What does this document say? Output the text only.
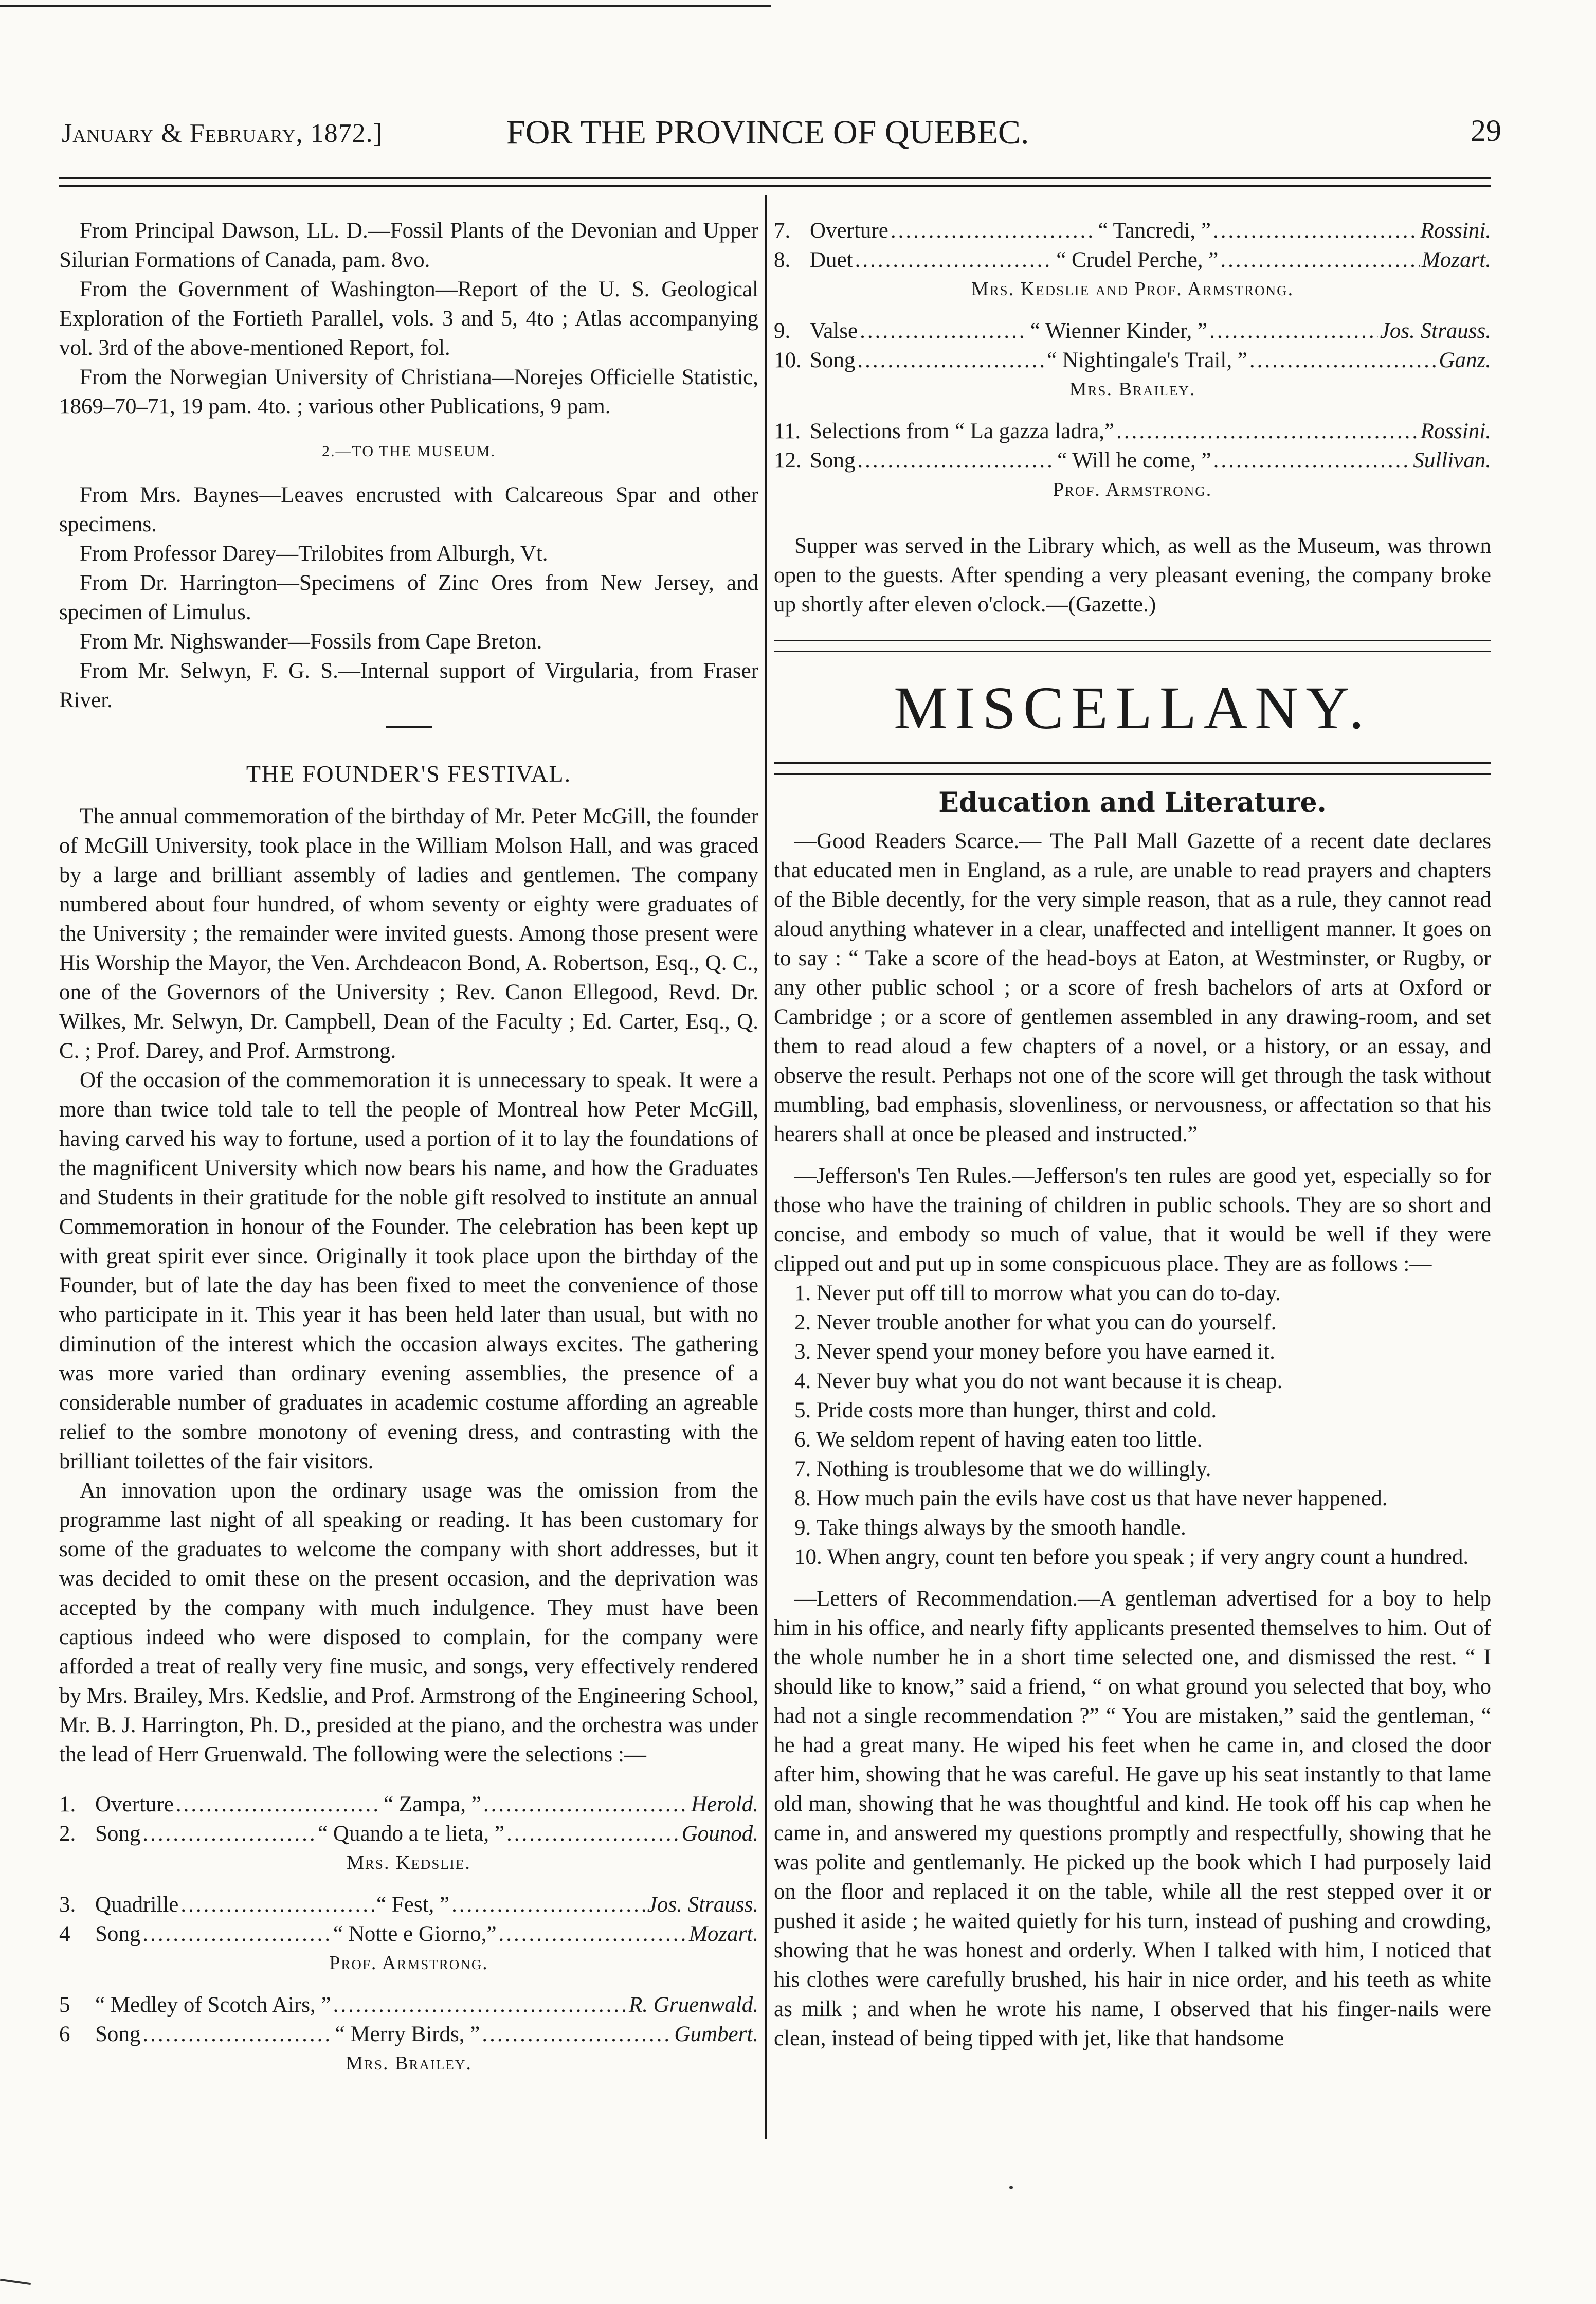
January & February, 1872.]	FOR THE PROVINCE OF QUEBEC.	29

From Principal Dawson, LL. D.—Fossil Plants of the Devonian and Upper Silurian Formations of Canada, pam. 8vo.

From the Government of Washington—Report of the U. S. Geological Exploration of the Fortieth Parallel, vols. 3 and 5, 4to ; Atlas accompanying vol. 3rd of the above-mentioned Report, fol.

From the Norwegian University of Christiana—Norejes Officielle Statistic, 1869–70–71, 19 pam. 4to. ; various other Publications, 9 pam.

2.—TO THE MUSEUM.

From Mrs. Baynes—Leaves encrusted with Calcareous Spar and other specimens.

From Professor Darey—Trilobites from Alburgh, Vt.

From Dr. Harrington—Specimens of Zinc Ores from New Jersey, and specimen of Limulus.

From Mr. Nighswander—Fossils from Cape Breton.

From Mr. Selwyn, F. G. S.—Internal support of Virgularia, from Fraser River.

THE FOUNDER'S FESTIVAL.

The annual commemoration of the birthday of Mr. Peter McGill, the founder of McGill University, took place in the William Molson Hall, and was graced by a large and brilliant assembly of ladies and gentlemen. The company numbered about four hundred, of whom seventy or eighty were graduates of the University ; the remainder were invited guests. Among those present were His Worship the Mayor, the Ven. Archdeacon Bond, A. Robertson, Esq., Q. C., one of the Governors of the University ; Rev. Canon Ellegood, Revd. Dr. Wilkes, Mr. Selwyn, Dr. Campbell, Dean of the Faculty ; Ed. Carter, Esq., Q. C. ; Prof. Darey, and Prof. Armstrong.

Of the occasion of the commemoration it is unnecessary to speak. It were a more than twice told tale to tell the people of Montreal how Peter McGill, having carved his way to fortune, used a portion of it to lay the foundations of the magnificent University which now bears his name, and how the Graduates and Students in their gratitude for the noble gift resolved to institute an annual Commemoration in honour of the Founder. The celebration has been kept up with great spirit ever since. Originally it took place upon the birthday of the Founder, but of late the day has been fixed to meet the convenience of those who participate in it. This year it has been held later than usual, but with no diminution of the interest which the occasion always excites. The gathering was more varied than ordinary evening assemblies, the presence of a considerable number of graduates in academic costume affording an agreable relief to the sombre monotony of evening dress, and contrasting with the brilliant toilettes of the fair visitors.

An innovation upon the ordinary usage was the omission from the programme last night of all speaking or reading. It has been customary for some of the graduates to welcome the company with short addresses, but it was decided to omit these on the present occasion, and the deprivation was accepted by the company with much indulgence. They must have been captious indeed who were disposed to complain, for the company were afforded a treat of really very fine music, and songs, very effectively rendered by Mrs. Brailey, Mrs. Kedslie, and Prof. Armstrong of the Engineering School, Mr. B. J. Harrington, Ph. D., presided at the piano, and the orchestra was under the lead of Herr Gruenwald. The following were the selections :—

1. Overture .....	“ Zampa, ” .....	Herold.
2. Song .....	“ Quando a te lieta, ” .....	Gounod.
Mrs. Kedslie.
3. Quadrille .....	“ Fest, ” .....	Jos. Strauss.
4	Song .....	“ Notte e Giorno,” .....	Mozart.
Prof. Armstrong.
5	“ Medley of Scotch Airs, ” .....	R. Gruenwald.
6	Song .....	“ Merry Birds, ” .....	Gumbert.
Mrs. Brailey.
7. Overture .....	“ Tancredi, ” .....	Rossini.
8. Duet .....	“ Crudel Perche, ” .....	Mozart.
Mrs. Kedslie and Prof. Armstrong.
9. Valse .....	“ Wienner Kinder, ” .....	Jos. Strauss.
10. Song .....	“ Nightingale's Trail, ” .....	Ganz.
Mrs. Brailey.
11. Selections from “ La gazza ladra,” .....	Rossini.
12. Song .....	“ Will he come, ” .....	Sullivan.
Prof. Armstrong.

Supper was served in the Library which, as well as the Museum, was thrown open to the guests. After spending a very pleasant evening, the company broke up shortly after eleven o'clock.—(Gazette.)

MISCELLANY.
Education and Literature.

—Good Readers Scarce.— The Pall Mall Gazette of a recent date declares that educated men in England, as a rule, are unable to read prayers and chapters of the Bible decently, for the very simple reason, that as a rule, they cannot read aloud anything whatever in a clear, unaffected and intelligent manner. It goes on to say : “ Take a score of the head-boys at Eaton, at Westminster, or Rugby, or any other public school ; or a score of fresh bachelors of arts at Oxford or Cambridge ; or a score of gentlemen assembled in any drawing-room, and set them to read aloud a few chapters of a novel, or a history, or an essay, and observe the result. Perhaps not one of the score will get through the task without mumbling, bad emphasis, slovenliness, or nervousness, or affectation so that his hearers shall at once be pleased and instructed.”

—Jefferson's Ten Rules.—Jefferson's ten rules are good yet, especially so for those who have the training of children in public schools. They are so short and concise, and embody so much of value, that it would be well if they were clipped out and put up in some conspicuous place. They are as follows :—

1. Never put off till to morrow what you can do to-day.
2. Never trouble another for what you can do yourself.
3. Never spend your money before you have earned it.
4. Never buy what you do not want because it is cheap.
5. Pride costs more than hunger, thirst and cold.
6. We seldom repent of having eaten too little.
7. Nothing is troublesome that we do willingly.
8. How much pain the evils have cost us that have never happened.
9. Take things always by the smooth handle.
10. When angry, count ten before you speak ; if very angry count a hundred.

—Letters of Recommendation.—A gentleman advertised for a boy to help him in his office, and nearly fifty applicants presented themselves to him. Out of the whole number he in a short time selected one, and dismissed the rest. “ I should like to know,” said a friend, “ on what ground you selected that boy, who had not a single recommendation ?” “ You are mistaken,” said the gentleman, “ he had a great many. He wiped his feet when he came in, and closed the door after him, showing that he was careful. He gave up his seat instantly to that lame old man, showing that he was thoughtful and kind. He took off his cap when he came in, and answered my questions promptly and respectfully, showing that he was polite and gentlemanly. He picked up the book which I had purposely laid on the floor and replaced it on the table, while all the rest stepped over it or pushed it aside ; he waited quietly for his turn, instead of pushing and crowding, showing that he was honest and orderly. When I talked with him, I noticed that his clothes were carefully brushed, his hair in nice order, and his teeth as white as milk ; and when he wrote his name, I observed that his finger-nails were clean, instead of being tipped with jet, like that handsome
